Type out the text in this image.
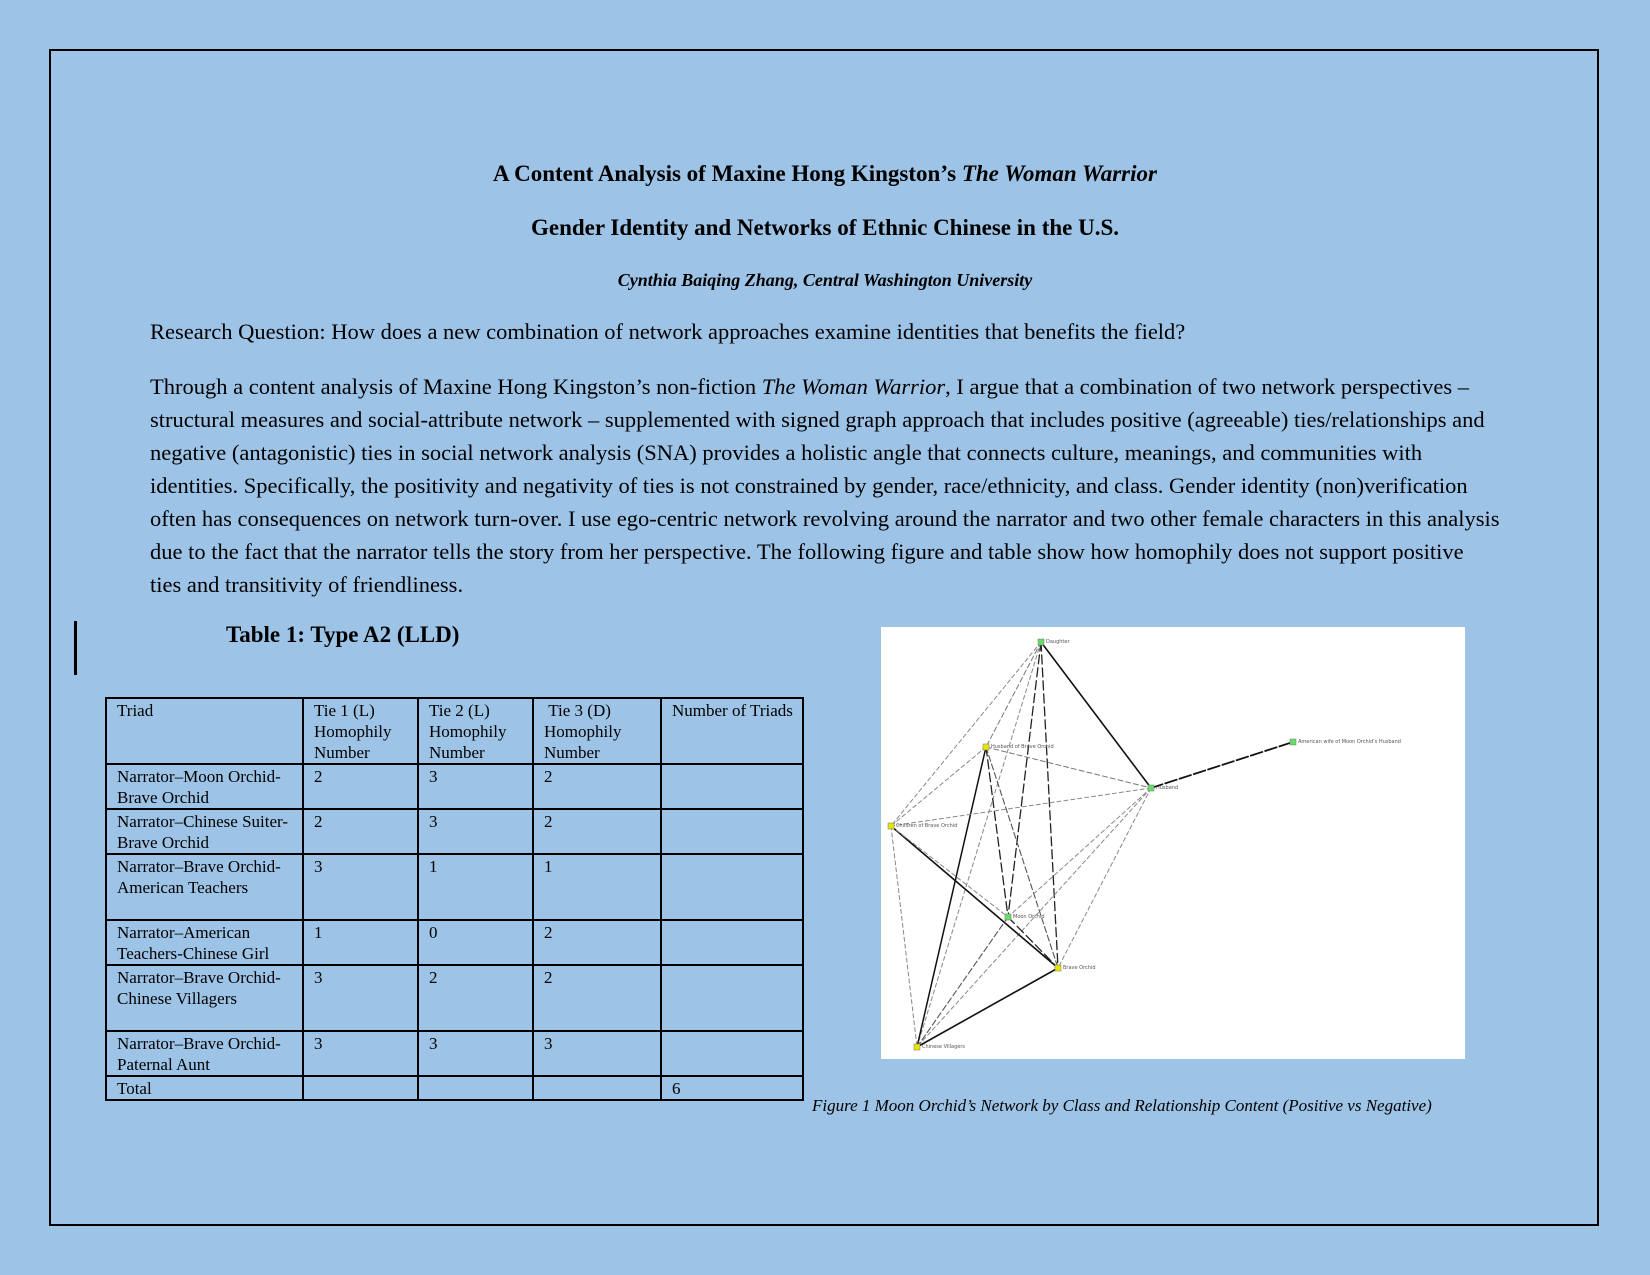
A Content Analysis of Maxine Hong Kingston’s The Woman Warrior
Gender Identity and Networks of Ethnic Chinese in the U.S.
Cynthia Baiqing Zhang, Central Washington University
Research Question: How does a new combination of network approaches examine identities that benefits the field?
Through a content analysis of Maxine Hong Kingston’s non-fiction The Woman Warrior, I argue that a combination of two network perspectives – structural measures and social-attribute network – supplemented with signed graph approach that includes positive (agreeable) ties/relationships and negative (antagonistic) ties in social network analysis (SNA) provides a holistic angle that connects culture, meanings, and communities with identities. Specifically, the positivity and negativity of ties is not constrained by gender, race/ethnicity, and class. Gender identity (non)verification often has consequences on network turn-over. I use ego-centric network revolving around the narrator and two other female characters in this analysis due to the fact that the narrator tells the story from her perspective. The following figure and table show how homophily does not support positive ties and transitivity of friendliness.
Table 1: Type A2 (LLD)
Triad	Tie 1 (L) Homophily Number	Tie 2 (L) Homophily Number	Tie 3 (D) Homophily Number	Number of Triads
Narrator–Moon Orchid-Brave Orchid	2	3	2	
Narrator–Chinese Suiter-Brave Orchid	2	3	2	
Narrator–Brave Orchid-American Teachers	3	1	1	
Narrator–American Teachers-Chinese Girl	1	0	2	
Narrator–Brave Orchid-Chinese Villagers	3	2	2	
Narrator–Brave Orchid-Paternal Aunt	3	3	3	
Total				6
Daughter
Husband of Brave Orchid
American wife of Moon Orchid's Husband
Husband
Children of Brave Orchid
Moon Orchid
Brave Orchid
Chinese Villagers
Figure 1 Moon Orchid’s Network by Class and Relationship Content (Positive vs Negative)
